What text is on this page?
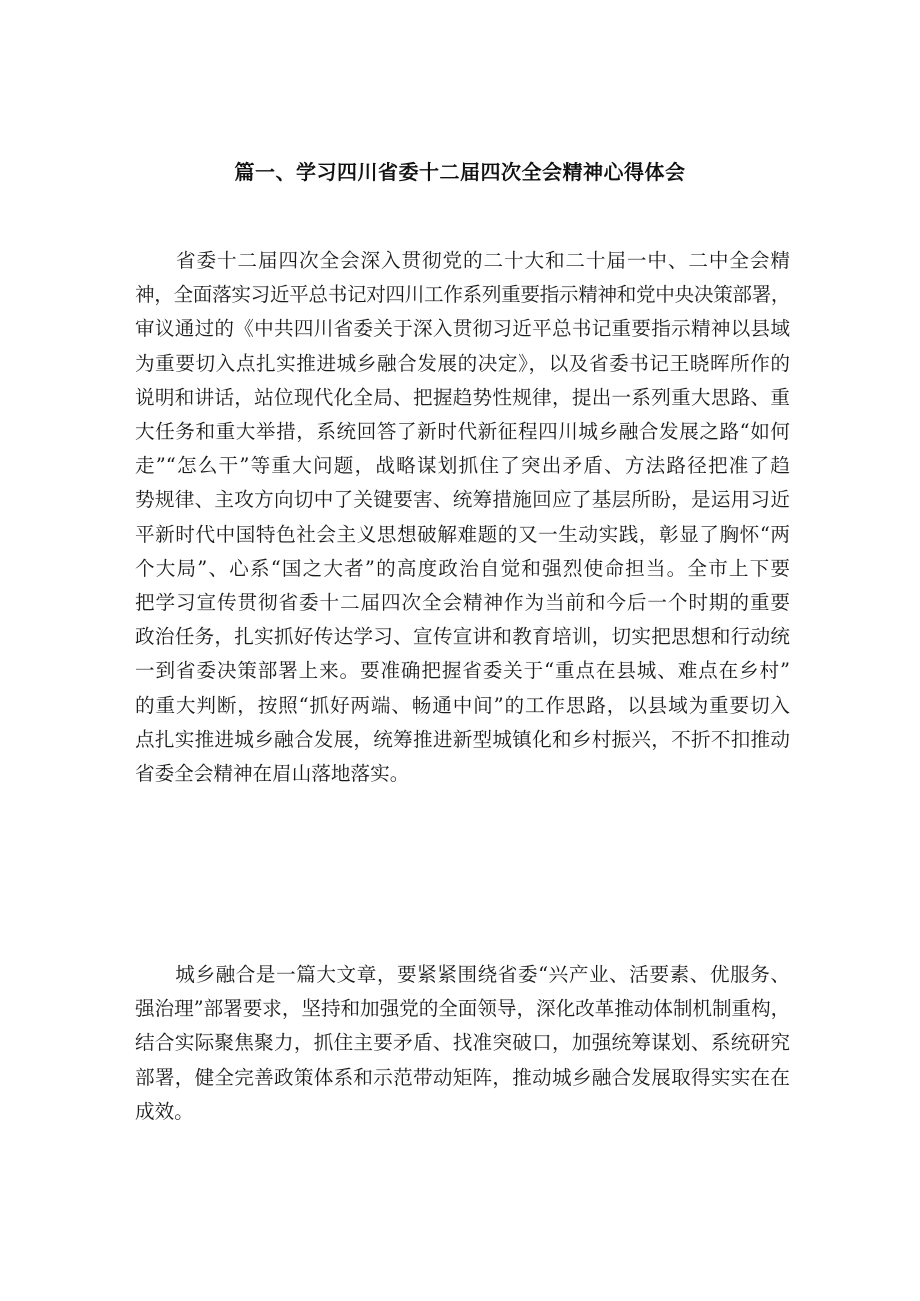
篇一、学习四川省委十二届四次全会精神心得体会
　　省委十二届四次全会深入贯彻党的二十大和二十届一中、二中全会精
神，全面落实习近平总书记对四川工作系列重要指示精神和党中央决策部署，
审议通过的《中共四川省委关于深入贯彻习近平总书记重要指示精神以县域
为重要切入点扎实推进城乡融合发展的决定》，以及省委书记王晓晖所作的
说明和讲话，站位现代化全局、把握趋势性规律，提出一系列重大思路、重
大任务和重大举措，系统回答了新时代新征程四川城乡融合发展之路“如何
走”“怎么干”等重大问题，战略谋划抓住了突出矛盾、方法路径把准了趋
势规律、主攻方向切中了关键要害、统筹措施回应了基层所盼，是运用习近
平新时代中国特色社会主义思想破解难题的又一生动实践，彰显了胸怀“两
个大局”、心系“国之大者”的高度政治自觉和强烈使命担当。全市上下要
把学习宣传贯彻省委十二届四次全会精神作为当前和今后一个时期的重要
政治任务，扎实抓好传达学习、宣传宣讲和教育培训，切实把思想和行动统
一到省委决策部署上来。要准确把握省委关于“重点在县城、难点在乡村”
的重大判断，按照“抓好两端、畅通中间”的工作思路，以县域为重要切入
点扎实推进城乡融合发展，统筹推进新型城镇化和乡村振兴，不折不扣推动
省委全会精神在眉山落地落实。
　　城乡融合是一篇大文章，要紧紧围绕省委“兴产业、活要素、优服务、
强治理”部署要求，坚持和加强党的全面领导，深化改革推动体制机制重构，
结合实际聚焦聚力，抓住主要矛盾、找准突破口，加强统筹谋划、系统研究
部署，健全完善政策体系和示范带动矩阵，推动城乡融合发展取得实实在在
成效。
